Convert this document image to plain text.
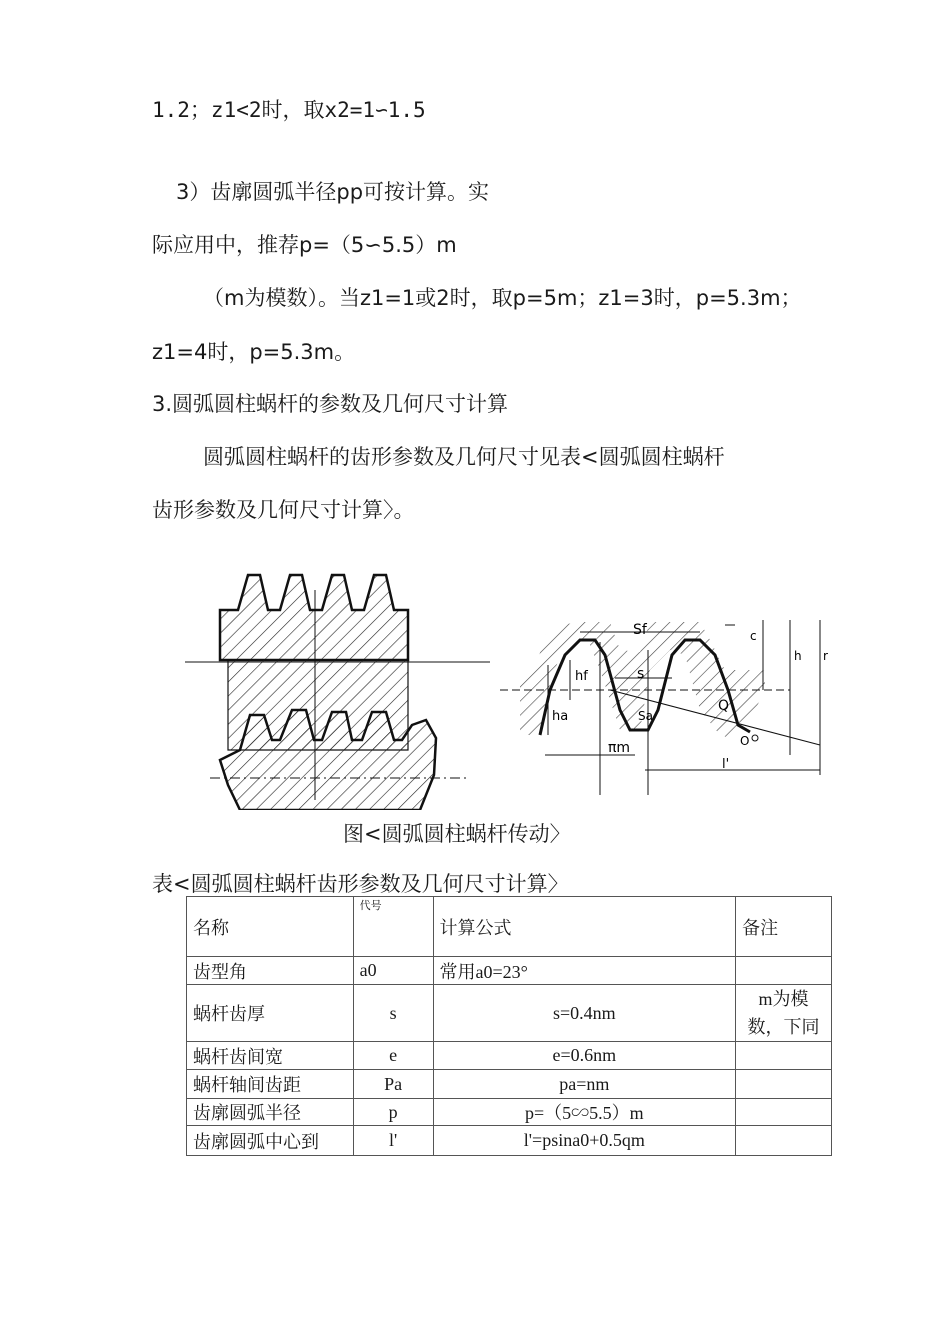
1.2；z1<2时，取x2=1∽1.5
3）齿廓圆弧半径pp可按计算。实
际应用中，推荐p=（5∽5.5）m
（m为模数）。当z1=1或2时，取p=5m；z1=3时，p=5.3m；
z1=4时，p=5.3m。
3.圆弧圆柱蜗杆的参数及几何尺寸计算
圆弧圆柱蜗杆的齿形参数及几何尺寸见表<圆弧圆柱蜗杆
齿形参数及几何尺寸计算〉。
Sf
s
hf
ha	Sa
πm
Q
O
c
h
l'
r
图<圆弧圆柱蜗杆传动〉
表<圆弧圆柱蜗杆齿形参数及几何尺寸计算〉
名称	代号	计算公式	备注
齿型角	a0	常用a0=23°	
蜗杆齿厚	s	s=0.4nm	m为模数，下同
蜗杆齿间宽	e	e=0.6nm	
蜗杆轴间齿距	Pa	pa=nm	
齿廓圆弧半径	p	p=（5∽5.5）m	
齿廓圆弧中心到	l'	l'=psina0+0.5qm	
